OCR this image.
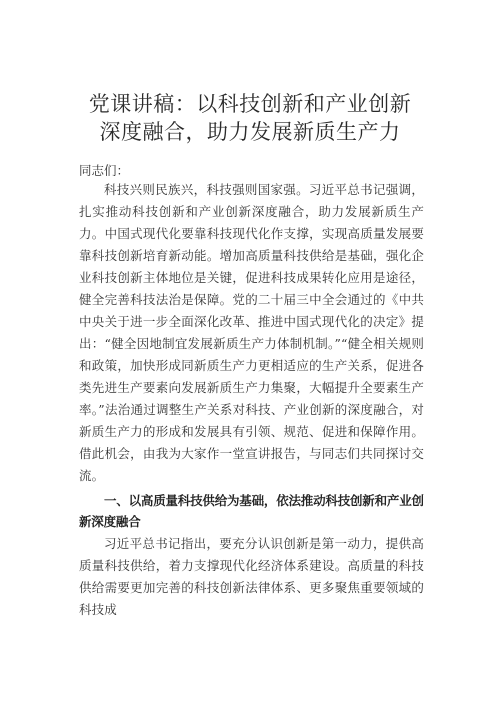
党课讲稿：以科技创新和产业创新
深度融合，助力发展新质生产力
同志们：
科技兴则民族兴，科技强则国家强。习近平总书记强调，扎实推动科技创新和产业创新深度融合，助力发展新质生产力。中国式现代化要靠科技现代化作支撑，实现高质量发展要靠科技创新培育新动能。增加高质量科技供给是基础，强化企业科技创新主体地位是关键，促进科技成果转化应用是途径，健全完善科技法治是保障。党的二十届三中全会通过的《中共中央关于进一步全面深化改革、推进中国式现代化的决定》提出：“健全因地制宜发展新质生产力体制机制。”“健全相关规则和政策，加快形成同新质生产力更相适应的生产关系，促进各类先进生产要素向发展新质生产力集聚，大幅提升全要素生产率。”法治通过调整生产关系对科技、产业创新的深度融合，对新质生产力的形成和发展具有引领、规范、促进和保障作用。借此机会，由我为大家作一堂宣讲报告，与同志们共同探讨交流。
一、以高质量科技供给为基础，依法推动科技创新和产业创新深度融合
习近平总书记指出，要充分认识创新是第一动力，提供高质量科技供给，着力支撑现代化经济体系建设。高质量的科技供给需要更加完善的科技创新法律体系、更多聚焦重要领域的科技成
